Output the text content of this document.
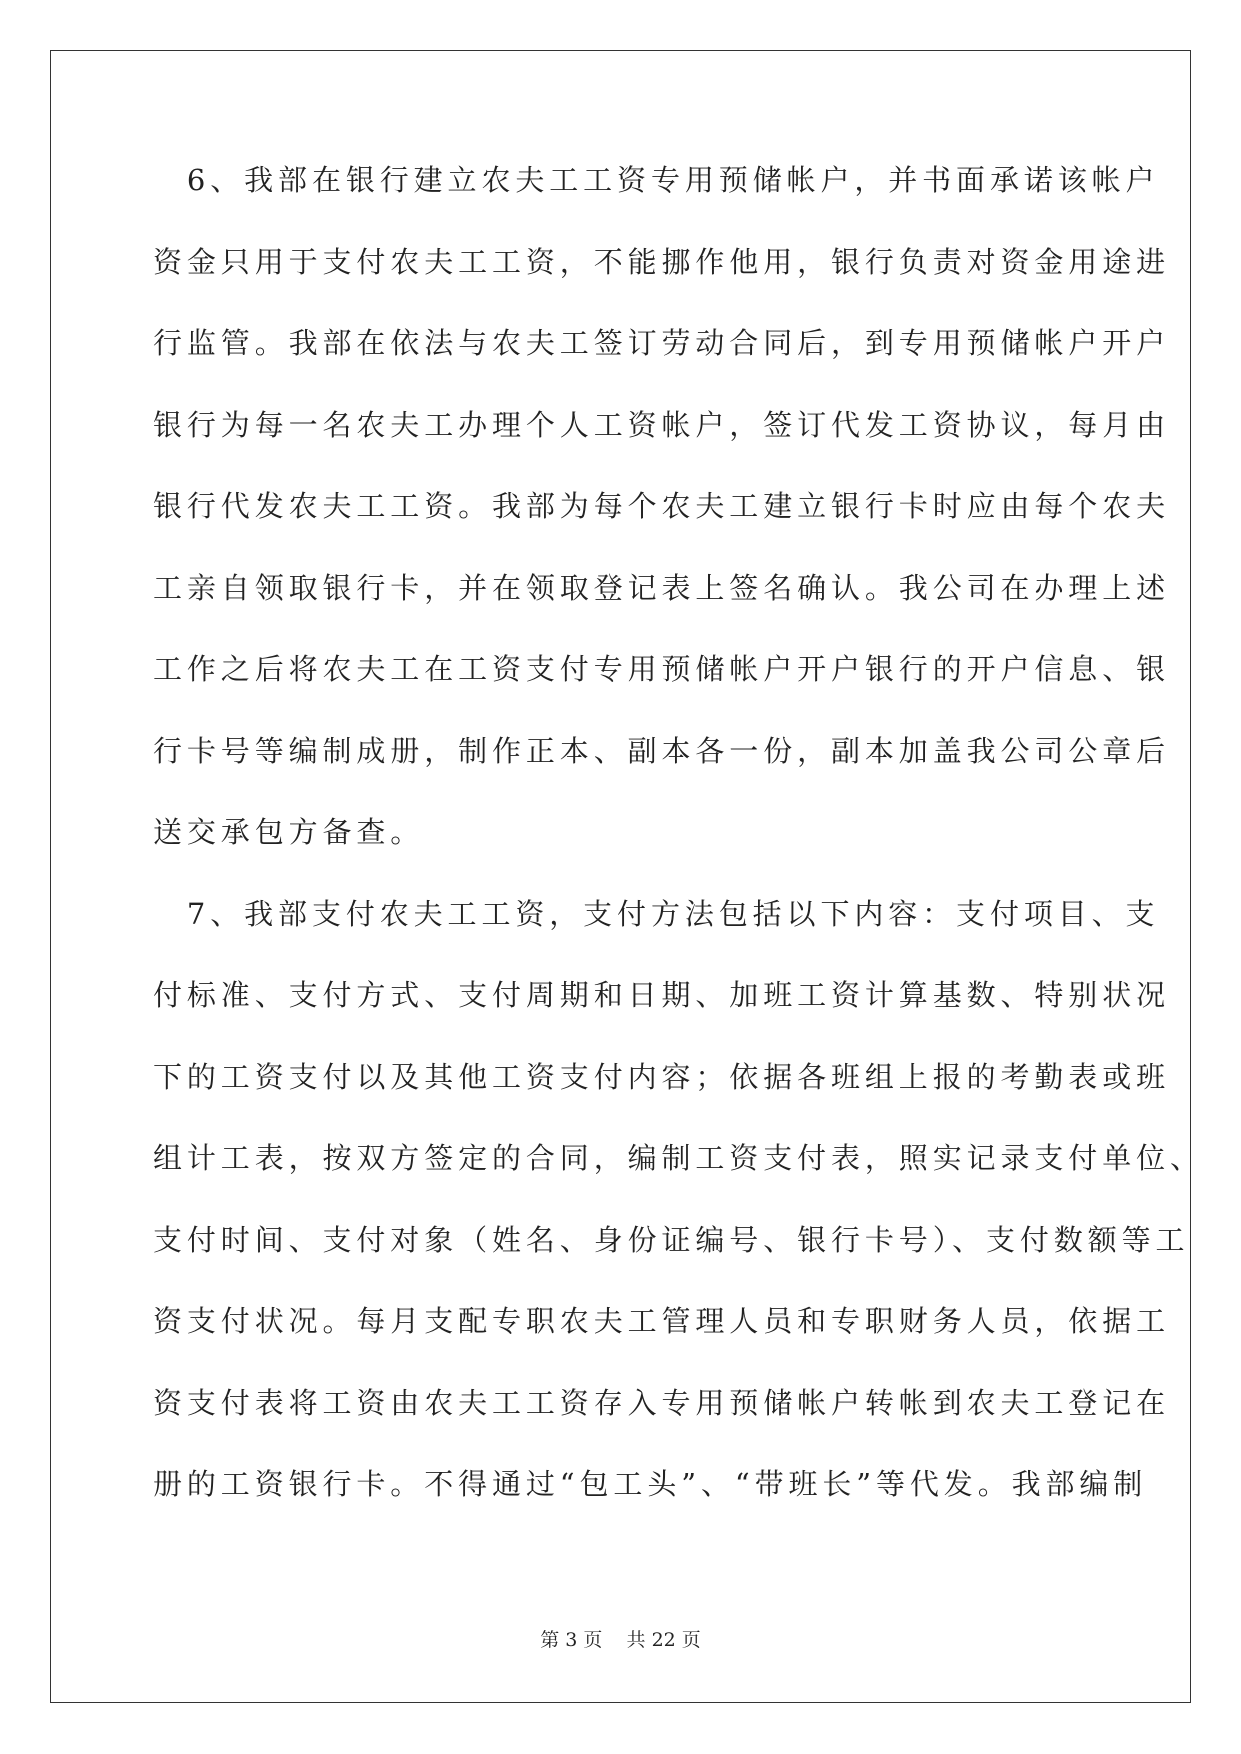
　6、我部在银行建立农夫工工资专用预储帐户，并书面承诺该帐户
资金只用于支付农夫工工资，不能挪作他用，银行负责对资金用途进
行监管。我部在依法与农夫工签订劳动合同后，到专用预储帐户开户
银行为每一名农夫工办理个人工资帐户，签订代发工资协议，每月由
银行代发农夫工工资。我部为每个农夫工建立银行卡时应由每个农夫
工亲自领取银行卡，并在领取登记表上签名确认。我公司在办理上述
工作之后将农夫工在工资支付专用预储帐户开户银行的开户信息、银
行卡号等编制成册，制作正本、副本各一份，副本加盖我公司公章后
送交承包方备查。
　7、我部支付农夫工工资，支付方法包括以下内容：支付项目、支
付标准、支付方式、支付周期和日期、加班工资计算基数、特别状况
下的工资支付以及其他工资支付内容；依据各班组上报的考勤表或班
组计工表，按双方签定的合同，编制工资支付表，照实记录支付单位、
支付时间、支付对象（姓名、身份证编号、银行卡号）、支付数额等工
资支付状况。每月支配专职农夫工管理人员和专职财务人员，依据工
资支付表将工资由农夫工工资存入专用预储帐户转帐到农夫工登记在
册的工资银行卡。不得通过“包工头”、“带班长”等代发。我部编制
第 3 页 共 22 页
